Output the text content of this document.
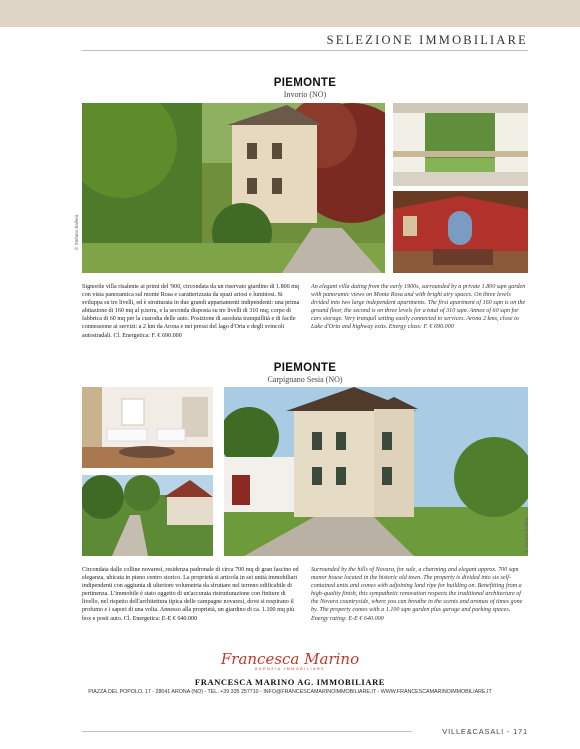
SELEZIONE IMMOBILIARE
PIEMONTE
Invorio (NO)
© Stefano Ballerà
Signorile villa risalente ai primi del '900, circondata da un riservato giardino di 1.800 mq con vista panoramica sul monte Rosa e caratterizzata da spazi ariosi e luminosi. Si sviluppa su tre livelli, ed è strutturata in due grandi appartamenti indipendenti: una prima abitazione di 160 mq al p.terra, e la seconda disposta su tre livelli di 310 mq; corpo di fabbrica di 60 mq per la custodia delle auto. Posizione di assoluta tranquillità e di facile connessione ai servizi: a 2 km da Arona e nei pressi del lago d'Orta e degli svincoli autostradali. Cl. Energetica: F. € 690.000
An elegant villa dating from the early 1900s, surrounded by a private 1.800 sqm garden with panoramic views on Monte Rosa and with bright airy spaces. On three levels divided into two large independent apartments. The first apartment of 160 sqm is on the ground floor, the second is on three levels for a total of 310 sqm. Annex of 60 sqm for cars storage. Very tranquil setting easily connected to services. Arona 2 kms, close to Lake d'Orta and highway exits. Energy class: F. € 690.000
PIEMONTE
Carpignano Sesia (NO)
© Stefano Ballerà
Circondata dalle colline novaresi, residenza padronale di circa 700 mq di gran fascino ed eleganza, ubicata in pieno centro storico. La proprietà si articola in sei unità immobiliari indipendenti con aggiunta di ulteriore volumetria da sfruttare nel terreno edificabile di pertinenza. L'immobile è stato oggetto di un'accurata ristrutturazione con finiture di livello, nel rispetto dell'architettura tipica delle campagne novaresi, dove si respirano il profumo e i sapori di una volta. Annesso alla proprietà, un giardino di ca. 1.100 mq più box e posti auto. Cl. Energetica: E-E € 640.000
Surrounded by the hills of Novara, for sale, a charming and elegant approx. 700 sqm manor house located in the historic old town. The property is divided into six self-contained units and comes with adjoining land ripe for building on. Benefitting from a high-quality finish, this sympathetic renovation respects the traditional architecture of the Novara countryside, where you can breathe in the scents and aromas of times gone by. The property comes with a 1.100 sqm garden plus garage and parking spaces. Energy rating: E-E € 640.000
Francesca Marino
AGENZIA IMMOBILIARE
FRANCESCA MARINO AG. IMMOBILIARE
PIAZZA DEL POPOLO, 17 - 28041 ARONA (NO) - TEL. +39 335 257710 - INFO@FRANCESCAMARINOIMMOBILIARE.IT - WWW.FRANCESCAMARINOIMMOBILIARE.IT
VILLE&CASALI - 171
